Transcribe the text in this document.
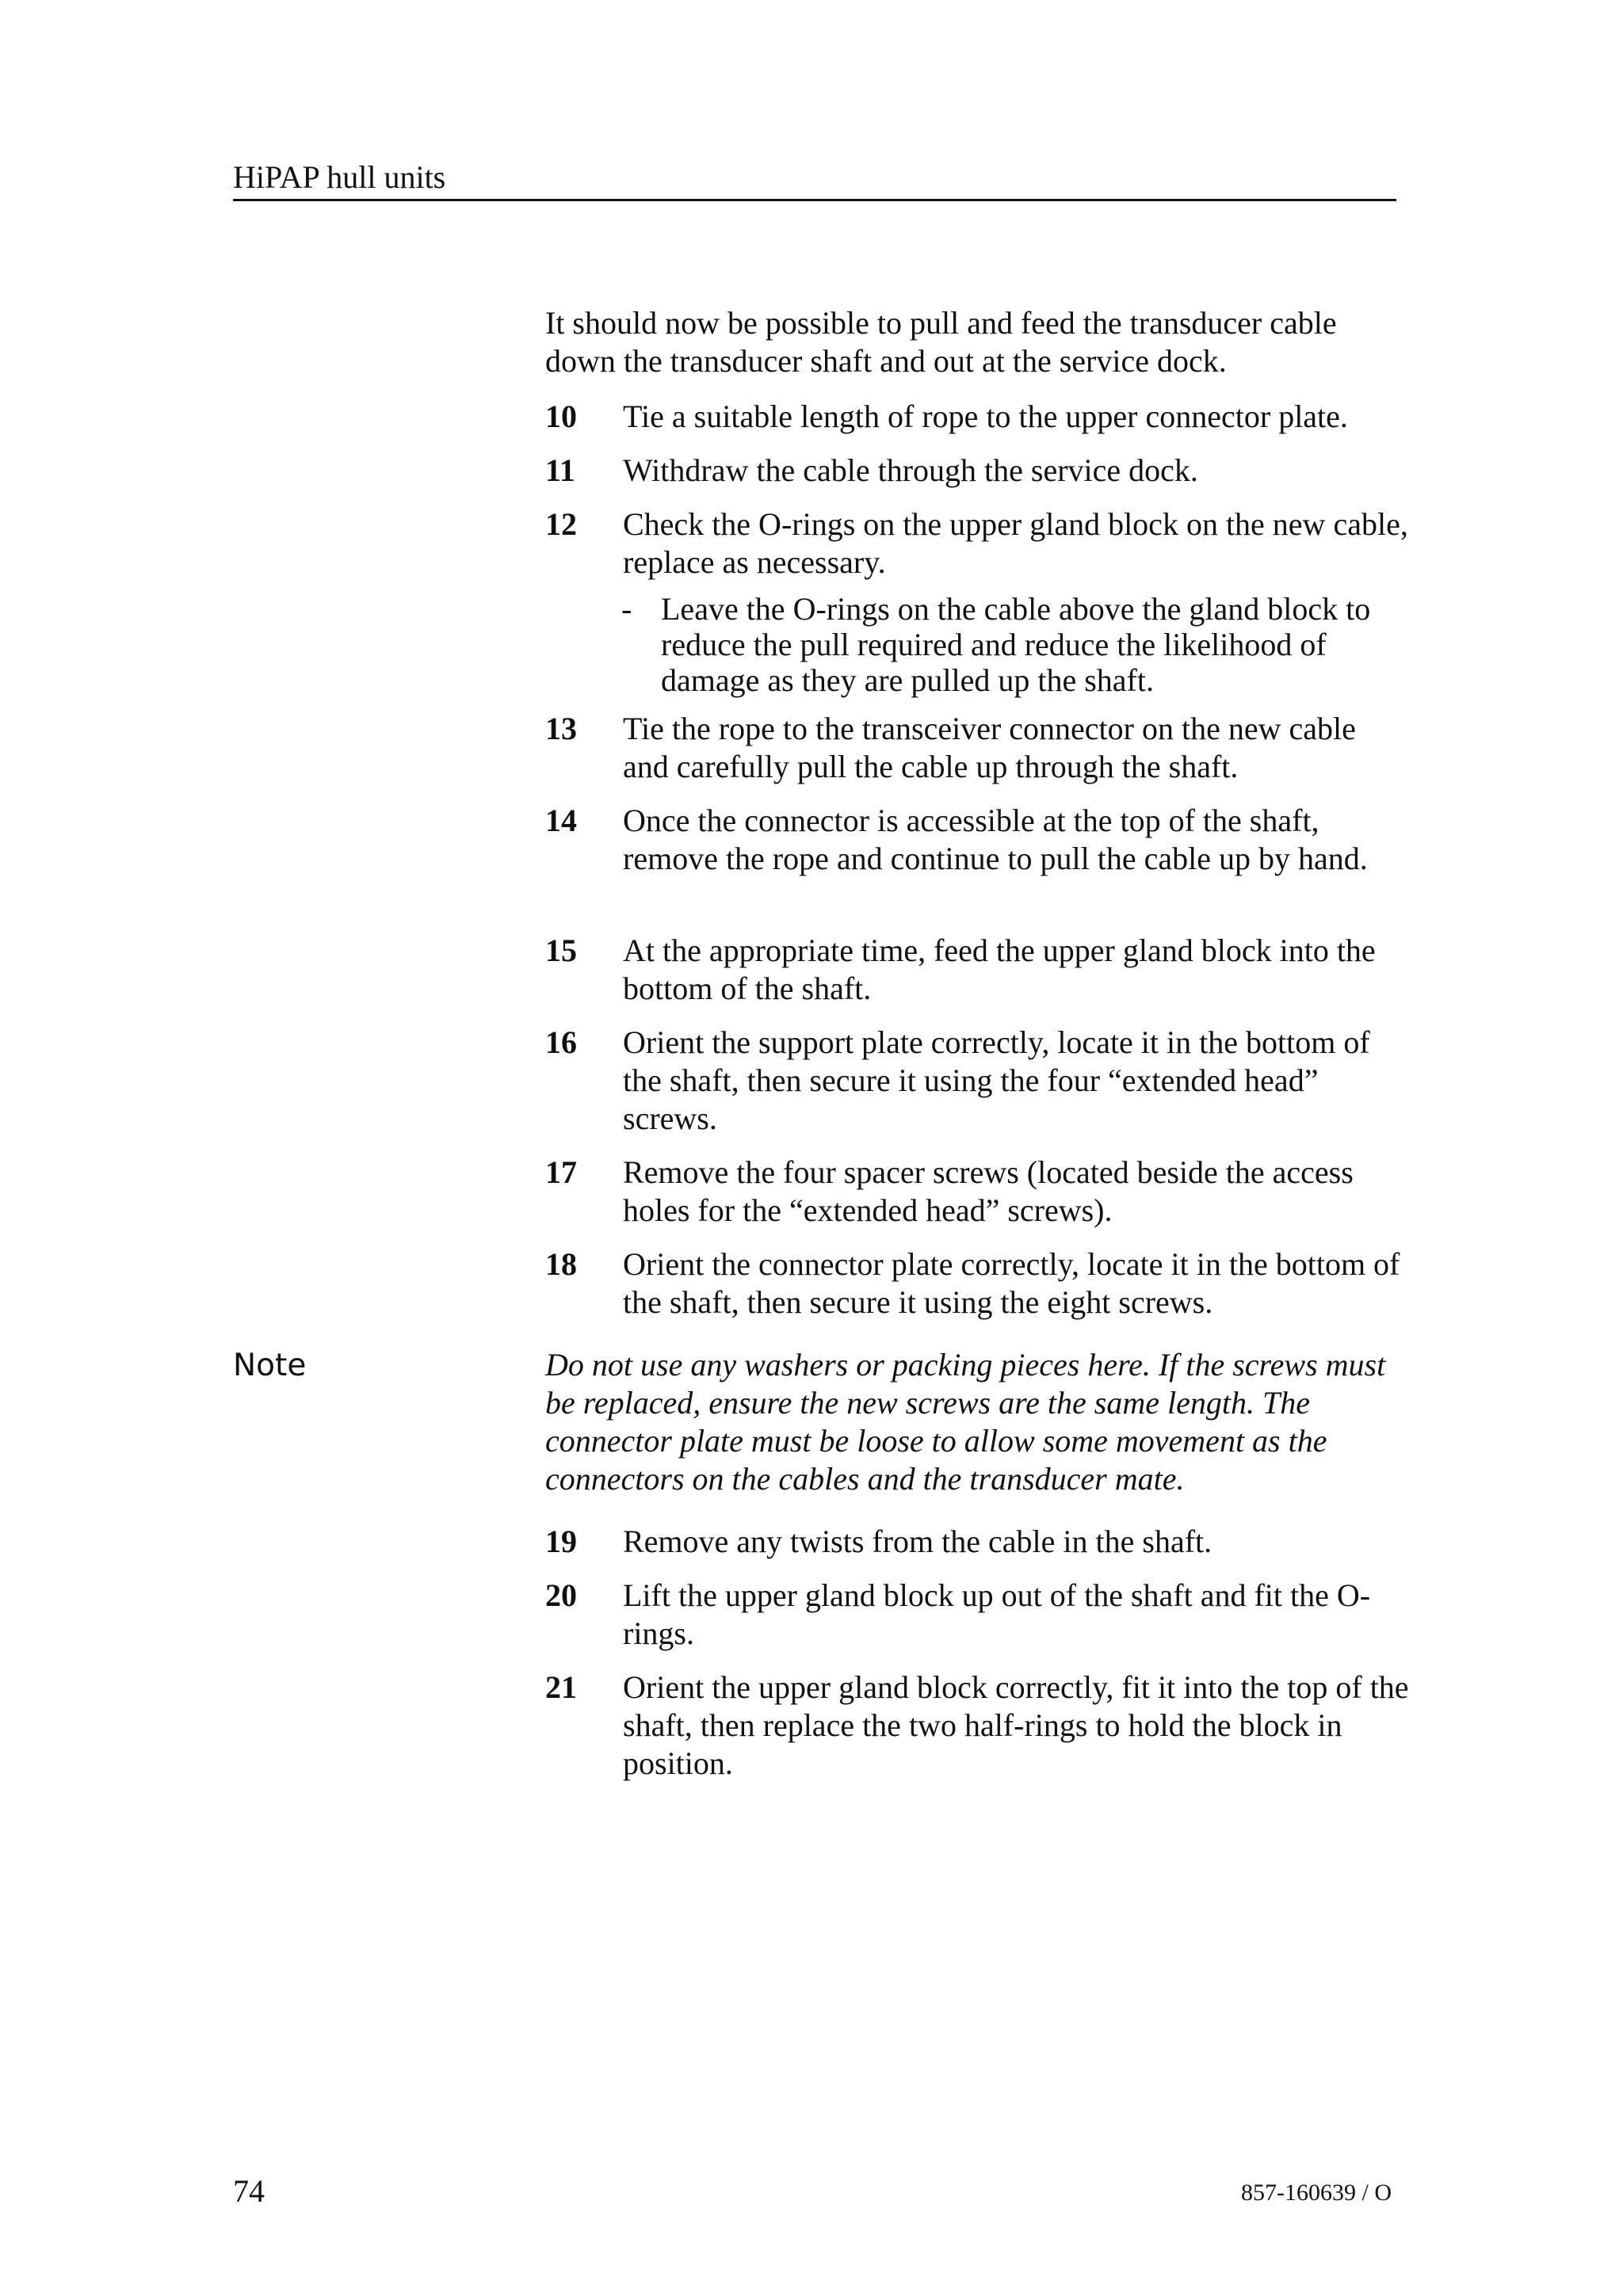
HiPAP hull units
It should now be possible to pull and feed the transducer cable down the transducer shaft and out at the service dock.
10	Tie a suitable length of rope to the upper connector plate.
11	Withdraw the cable through the service dock.
12	Check the O-rings on the upper gland block on the new cable, replace as necessary.
- Leave the O-rings on the cable above the gland block to reduce the pull required and reduce the likelihood of damage as they are pulled up the shaft.
13	Tie the rope to the transceiver connector on the new cable and carefully pull the cable up through the shaft.
14	Once the connector is accessible at the top of the shaft, remove the rope and continue to pull the cable up by hand.
15	At the appropriate time, feed the upper gland block into the bottom of the shaft.
16	Orient the support plate correctly, locate it in the bottom of the shaft, then secure it using the four “extended head” screws.
17	Remove the four spacer screws (located beside the access holes for the “extended head” screws).
18	Orient the connector plate correctly, locate it in the bottom of the shaft, then secure it using the eight screws.
Note	Do not use any washers or packing pieces here. If the screws must be replaced, ensure the new screws are the same length. The connector plate must be loose to allow some movement as the connectors on the cables and the transducer mate.
19	Remove any twists from the cable in the shaft.
20	Lift the upper gland block up out of the shaft and fit the O-rings.
21	Orient the upper gland block correctly, fit it into the top of the shaft, then replace the two half-rings to hold the block in position.
74	857-160639 / O
